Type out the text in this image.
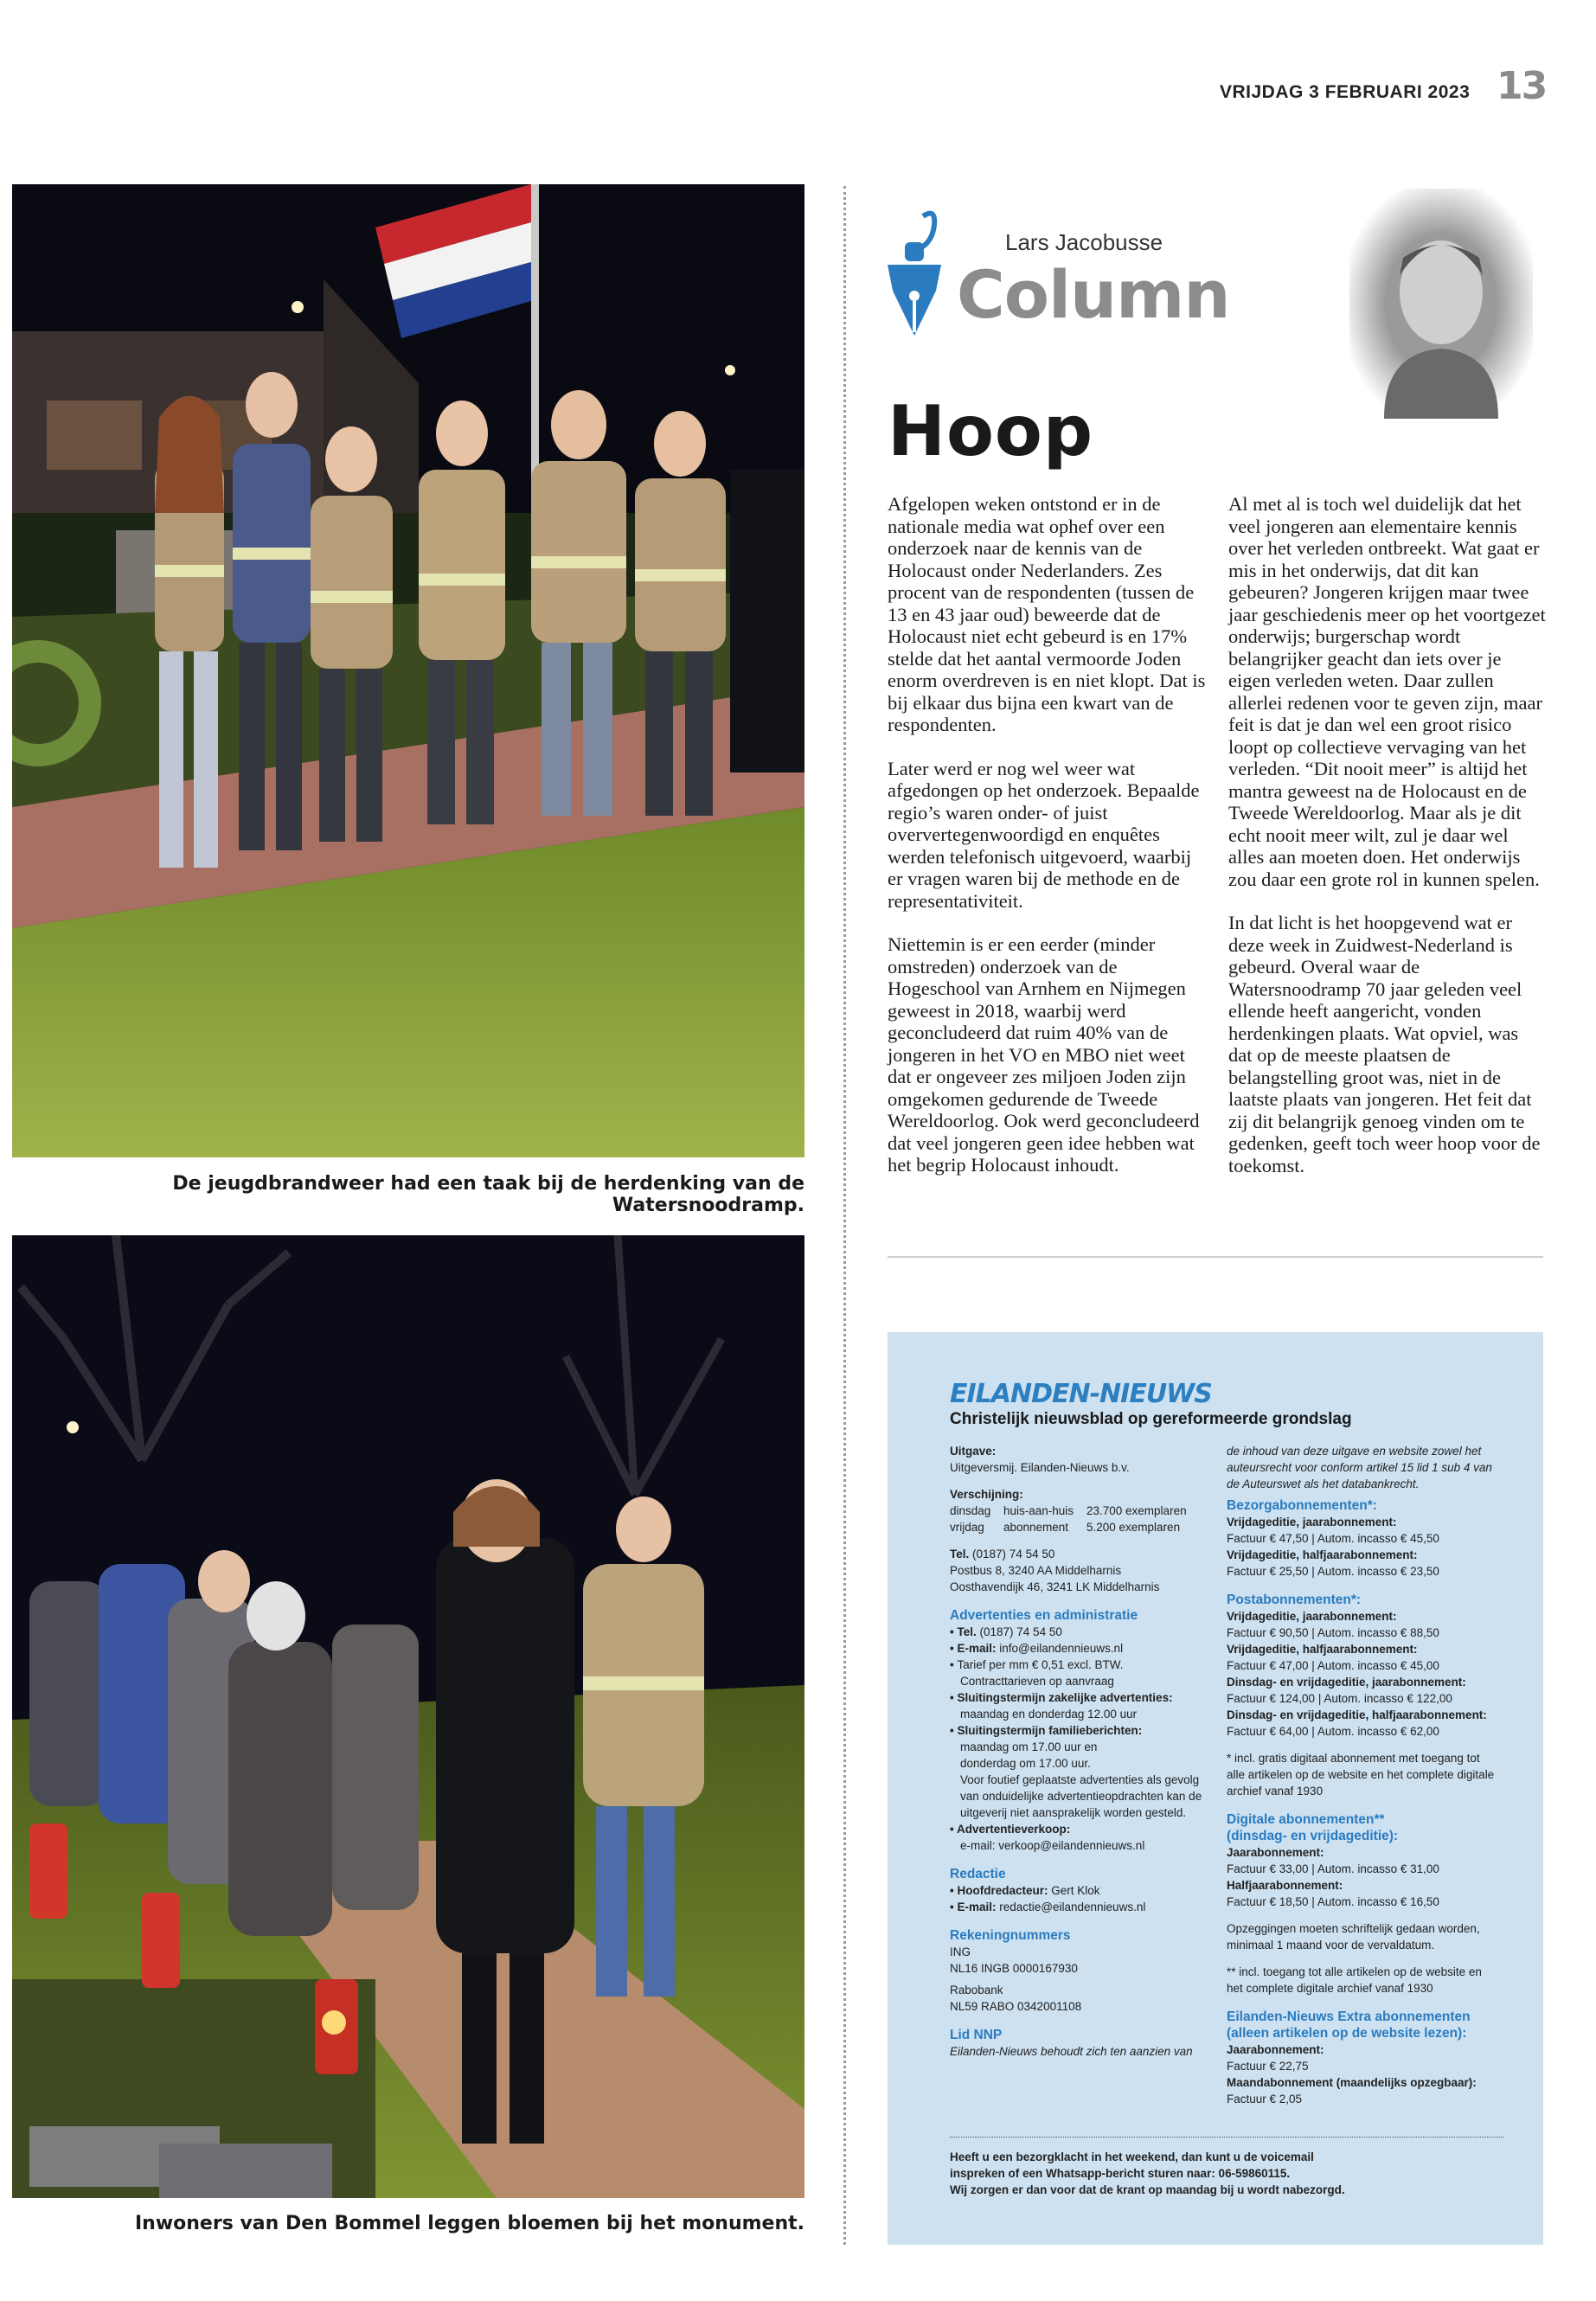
VRIJDAG 3 FEBRUARI 2023 13
De jeugdbrandweer had een taak bij de herdenking van de Watersnoodramp.
Inwoners van Den Bommel leggen bloemen bij het monument.
Lars Jacobusse
Column
Hoop

Afgelopen weken ontstond er in de nationale media wat ophef over een onderzoek naar de kennis van de Holocaust onder Nederlanders. Zes procent van de respondenten (tussen de 13 en 43 jaar oud) beweerde dat de Holocaust niet echt gebeurd is en 17% stelde dat het aantal vermoorde Joden enorm overdreven is en niet klopt. Dat is bij elkaar dus bijna een kwart van de respondenten.

Later werd er nog wel weer wat afgedongen op het onderzoek. Bepaalde regio’s waren onder- of juist oververtegenwoordigd en enquêtes werden telefonisch uitgevoerd, waarbij er vragen waren bij de methode en de representativiteit.

Niettemin is er een eerder (minder omstreden) onderzoek van de Hogeschool van Arnhem en Nijmegen geweest in 2018, waarbij werd geconcludeerd dat ruim 40% van de jongeren in het VO en MBO niet weet dat er ongeveer zes miljoen Joden zijn omgekomen gedurende de Tweede Wereldoorlog. Ook werd geconcludeerd dat veel jongeren geen idee hebben wat het begrip Holocaust inhoudt.

Al met al is toch wel duidelijk dat het veel jongeren aan elementaire kennis over het verleden ontbreekt. Wat gaat er mis in het onderwijs, dat dit kan gebeuren? Jongeren krijgen maar twee jaar geschiedenis meer op het voortgezet onderwijs; burgerschap wordt belangrijker geacht dan iets over je eigen verleden weten. Daar zullen allerlei redenen voor te geven zijn, maar feit is dat je dan wel een groot risico loopt op collectieve vervaging van het verleden. “Dit nooit meer” is altijd het mantra geweest na de Holocaust en de Tweede Wereldoorlog. Maar als je dit echt nooit meer wilt, zul je daar wel alles aan moeten doen. Het onderwijs zou daar een grote rol in kunnen spelen.

In dat licht is het hoopgevend wat er deze week in Zuidwest-Nederland is gebeurd. Overal waar de Watersnoodramp 70 jaar geleden veel ellende heeft aangericht, vonden herdenkingen plaats. Wat opviel, was dat op de meeste plaatsen de belangstelling groot was, niet in de laatste plaats van jongeren. Het feit dat zij dit belangrijk genoeg vinden om te gedenken, geeft toch weer hoop voor de toekomst.

EILANDEN-NIEUWS
Christelijk nieuwsblad op gereformeerde grondslag
Uitgave:
Uitgeversmij. Eilanden-Nieuws b.v.
Verschijning:
dinsdag	huis-aan-huis	23.700 exemplaren
vrijdag	abonnement	5.200 exemplaren
Tel. (0187) 74 54 50
Postbus 8, 3240 AA Middelharnis
Oosthavendijk 46, 3241 LK Middelharnis
Advertenties en administratie
• Tel. (0187) 74 54 50
• E-mail: info@eilandennieuws.nl
• Tarief per mm € 0,51 excl. BTW.
Contracttarieven op aanvraag
• Sluitingstermijn zakelijke advertenties:
maandag en donderdag 12.00 uur
• Sluitingstermijn familieberichten:
maandag om 17.00 uur en
donderdag om 17.00 uur.
Voor foutief geplaatste advertenties als gevolg
van onduidelijke advertentieopdrachten kan de
uitgeverij niet aansprakelijk worden gesteld.
• Advertentieverkoop:
e-mail: verkoop@eilandennieuws.nl
Redactie
• Hoofdredacteur: Gert Klok
• E-mail: redactie@eilandennieuws.nl
Rekeningnummers
ING
NL16 INGB 0000167930
Rabobank
NL59 RABO 0342001108
Lid NNP
Eilanden-Nieuws behoudt zich ten aanzien van
de inhoud van deze uitgave en website zowel het
auteursrecht voor conform artikel 15 lid 1 sub 4 van
de Auteurswet als het databankrecht.
Bezorgabonnementen*:
Vrijdageditie, jaarabonnement:
Factuur € 47,50 | Autom. incasso € 45,50
Vrijdageditie, halfjaarabonnement:
Factuur € 25,50 | Autom. incasso € 23,50
Postabonnementen*:
Vrijdageditie, jaarabonnement:
Factuur € 90,50 | Autom. incasso € 88,50
Vrijdageditie, halfjaarabonnement:
Factuur € 47,00 | Autom. incasso € 45,00
Dinsdag- en vrijdageditie, jaarabonnement:
Factuur € 124,00 | Autom. incasso € 122,00
Dinsdag- en vrijdageditie, halfjaarabonnement:
Factuur € 64,00 | Autom. incasso € 62,00
* incl. gratis digitaal abonnement met toegang tot
alle artikelen op de website en het complete digitale
archief vanaf 1930
Digitale abonnementen**
(dinsdag- en vrijdageditie):
Jaarabonnement:
Factuur € 33,00 | Autom. incasso € 31,00
Halfjaarabonnement:
Factuur € 18,50 | Autom. incasso € 16,50
Opzeggingen moeten schriftelijk gedaan worden,
minimaal 1 maand voor de vervaldatum.
** incl. toegang tot alle artikelen op de website en
het complete digitale archief vanaf 1930
Eilanden-Nieuws Extra abonnementen
(alleen artikelen op de website lezen):
Jaarabonnement:
Factuur € 22,75
Maandabonnement (maandelijks opzegbaar):
Factuur € 2,05
Heeft u een bezorgklacht in het weekend, dan kunt u de voicemail
inspreken of een Whatsapp-bericht sturen naar: 06-59860115.
Wij zorgen er dan voor dat de krant op maandag bij u wordt nabezorgd.
